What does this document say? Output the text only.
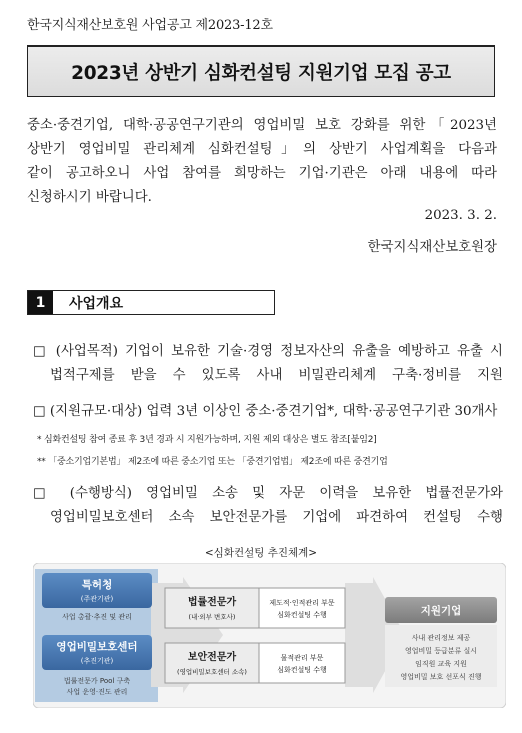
한국지식재산보호원 사업공고 제2023-12호
2023년 상반기 심화컨설팅 지원기업 모집 공고
중소·중견기업, 대학·공공연구기관의 영업비밀 보호 강화를 위한「2023년
상반기 영업비밀 관리체계 심화컨설팅」의 상반기 사업계획을 다음과
같이 공고하오니 사업 참여를 희망하는 기업·기관은 아래 내용에 따라
신청하시기 바랍니다.
2023. 3. 2.
한국지식재산보호원장
1	사업개요
□ (사업목적) 기업이 보유한 기술·경영 정보자산의 유출을 예방하고 유출 시
법적구제를 받을 수 있도록 사내 비밀관리체계 구축·정비를 지원
□ (지원규모·대상) 업력 3년 이상인 중소·중견기업*, 대학·공공연구기관 30개사
* 심화컨설팅 참여 종료 후 3년 경과 시 지원가능하며, 지원 제외 대상은 별도 참조[붙임2]
** 「중소기업기본법」 제2조에 따른 중소기업 또는 「중견기업법」 제2조에 따른 중견기업
□ (수행방식) 영업비밀 소송 및 자문 이력을 보유한 법률전문가와
영업비밀보호센터 소속 보안전문가를 기업에 파견하여 컨설팅 수행
<심화컨설팅 추진체계>
특허청
(주관기관)
사업 총괄·추진 및 관리
영업비밀보호센터
(추진기관)
법률전문가 Pool 구축
사업 운영·진도 관리
법률전문가
(내·외부 변호사)
제도적·인적관리 부문
심화컨설팅 수행
보안전문가
(영업비밀보호센터 소속)
물적관리 부문
심화컨설팅 수행
지원기업
사내 관리정보 제공
영업비밀 등급분류 실시
임직원 교육 지원
영업비밀 보호 선포식 진행
